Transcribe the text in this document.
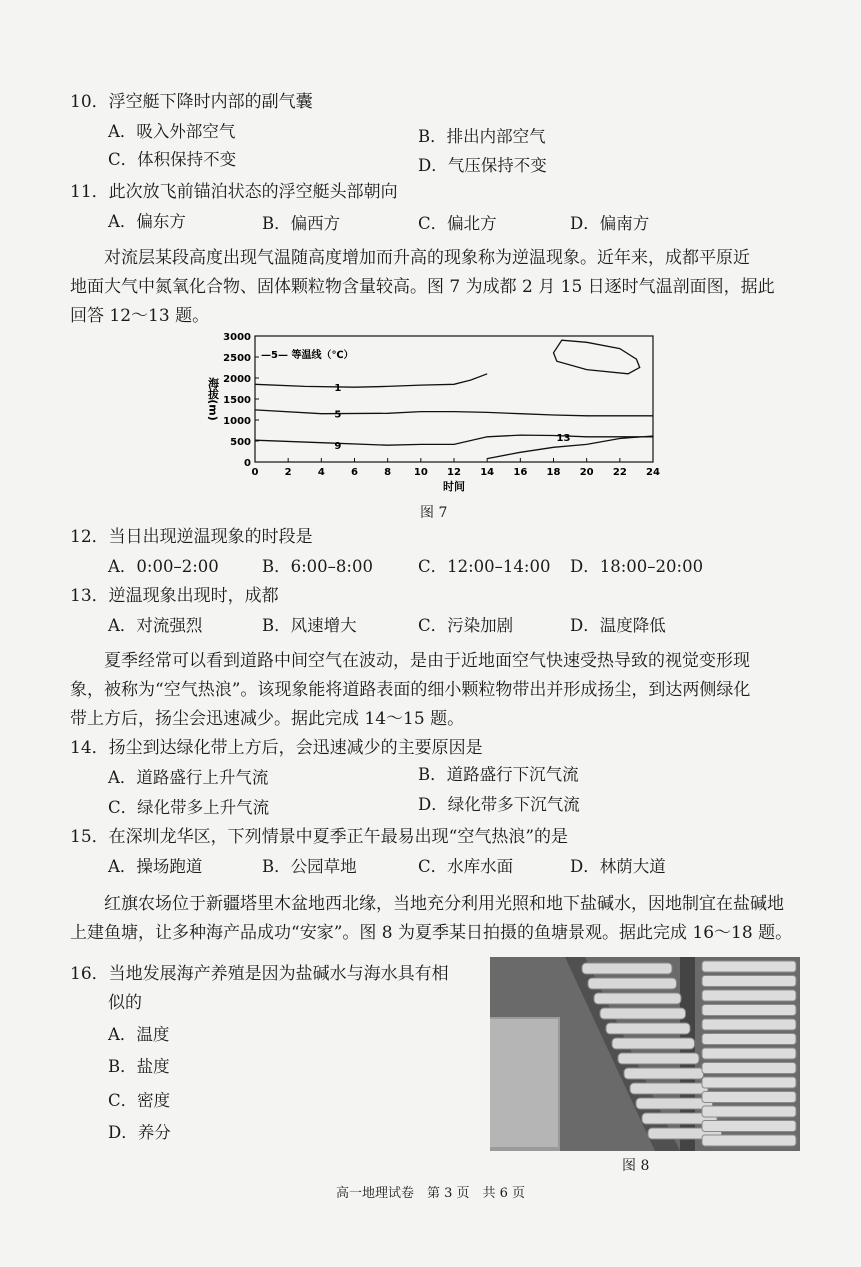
10．浮空艇下降时内部的副气囊
A．吸入外部空气	B．排出内部空气
C．体积保持不变	D．气压保持不变
11．此次放飞前锚泊状态的浮空艇头部朝向
A．偏东方	B．偏西方	C．偏北方	D．偏南方
对流层某段高度出现气温随高度增加而升高的现象称为逆温现象。近年来，成都平原近
地面大气中氮氧化合物、固体颗粒物含量较高。图 7 为成都 2 月 15 日逐时气温剖面图，据此
回答 12～13 题。
3000
2500
2000
1500
1000
500
0
0	2	4	6	8 10 12 14 16 18 20 22 24
时间
海拔(m)
—5— 等温线（℃）
1
5
9
13
图 7
12．当日出现逆温现象的时段是
A．0:00–2:00	B．6:00–8:00	C．12:00–14:00 D．18:00–20:00
13．逆温现象出现时，成都
A．对流强烈	B．风速增大	C．污染加剧	D．温度降低
夏季经常可以看到道路中间空气在波动，是由于近地面空气快速受热导致的视觉变形现
象，被称为“空气热浪”。该现象能将道路表面的细小颗粒物带出并形成扬尘，到达两侧绿化
带上方后，扬尘会迅速减少。据此完成 14～15 题。
14．扬尘到达绿化带上方后，会迅速减少的主要原因是
A．道路盛行上升气流	B．道路盛行下沉气流
C．绿化带多上升气流	D．绿化带多下沉气流
15．在深圳龙华区，下列情景中夏季正午最易出现“空气热浪”的是
A．操场跑道	B．公园草地	C．水库水面	D．林荫大道
红旗农场位于新疆塔里木盆地西北缘，当地充分利用光照和地下盐碱水，因地制宜在盐碱地
上建鱼塘，让多种海产品成功“安家”。图 8 为夏季某日拍摄的鱼塘景观。据此完成 16～18 题。
16．当地发展海产养殖是因为盐碱水与海水具有相
似的
A．温度
B．盐度
C．密度
D．养分
图 8
高一地理试卷　第 3 页　共 6 页
